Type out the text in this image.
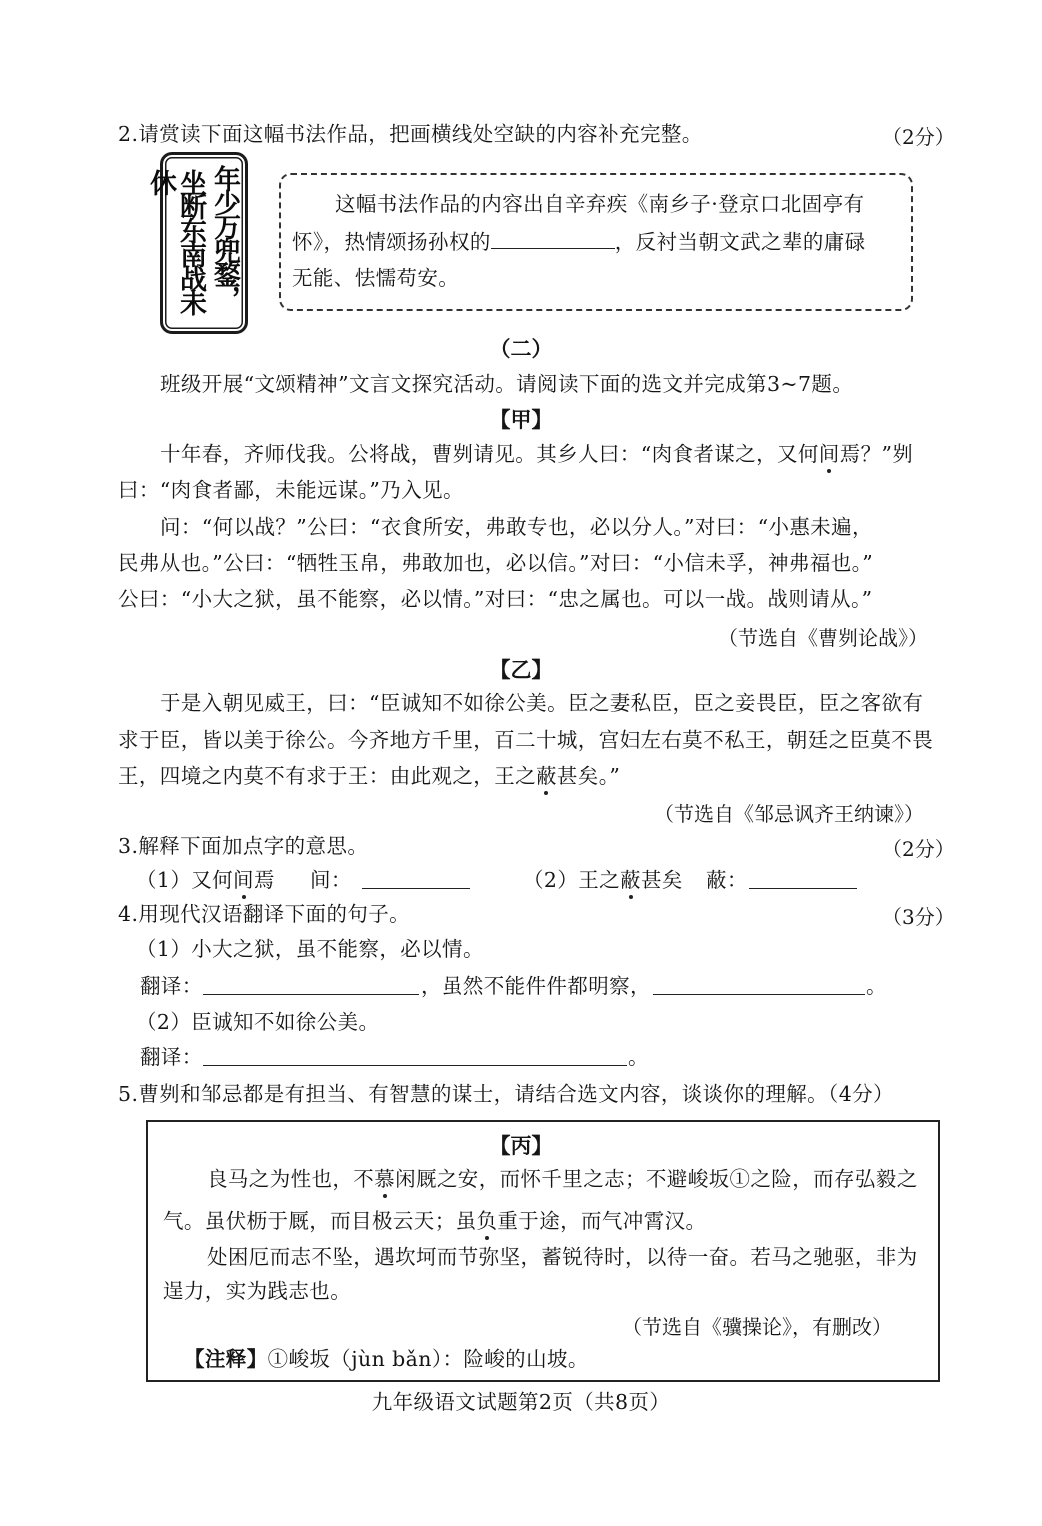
2.请赏读下面这幅书法作品，把画横线处空缺的内容补充完整。	（2分）
年少万兜鍪，
坐断东南战未休
这幅书法作品的内容出自辛弃疾《南乡子·登京口北固亭有
怀》，热情颂扬孙权的	，反衬当朝文武之辈的庸碌
无能、怯懦苟安。
（二）
班级开展“文颂精神”文言文探究活动。请阅读下面的选文并完成第3~7题。
【甲】
十年春，齐师伐我。公将战，曹刿请见。其乡人曰：“肉食者谋之，又何间焉？”刿
曰：“肉食者鄙，未能远谋。”乃入见。
问：“何以战？”公曰：“衣食所安，弗敢专也，必以分人。”对曰：“小惠未遍，
民弗从也。”公曰：“牺牲玉帛，弗敢加也，必以信。”对曰：“小信未孚，神弗福也。”
公曰：“小大之狱，虽不能察，必以情。”对曰：“忠之属也。可以一战。战则请从。”
（节选自《曹刿论战》）
【乙】
于是入朝见威王，曰：“臣诚知不如徐公美。臣之妻私臣，臣之妾畏臣，臣之客欲有
求于臣，皆以美于徐公。今齐地方千里，百二十城，宫妇左右莫不私王，朝廷之臣莫不畏
王，四境之内莫不有求于王：由此观之，王之蔽甚矣。”
（节选自《邹忌讽齐王纳谏》）
3.解释下面加点字的意思。	（2分）
（1）又何间焉 间：	（2）王之蔽甚矣 蔽：
4.用现代汉语翻译下面的句子。	（3分）
（1）小大之狱，虽不能察，必以情。
翻译：	，虽然不能件件都明察，	。
（2）臣诚知不如徐公美。
翻译：	。
5.曹刿和邹忌都是有担当、有智慧的谋士，请结合选文内容，谈谈你的理解。（4分）
【丙】
良马之为性也，不慕闲厩之安，而怀千里之志；不避峻坂①之险，而存弘毅之
气。虽伏枥于厩，而目极云天；虽负重于途，而气冲霄汉。
处困厄而志不坠，遇坎坷而节弥坚，蓄锐待时，以待一奋。若马之驰驱，非为
逞力，实为践志也。
（节选自《骥操论》，有删改）
【注释】①峻坂（jùn bǎn）：险峻的山坡。
九年级语文试题第2页（共8页）
